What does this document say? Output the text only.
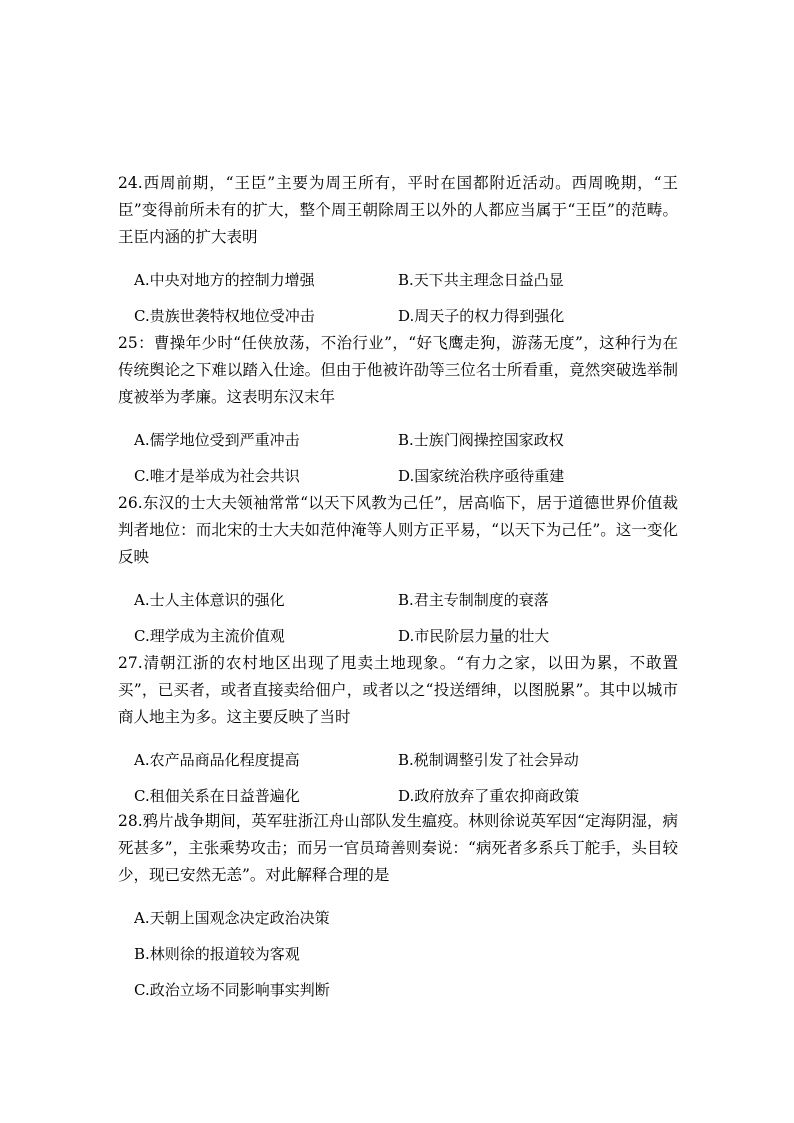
24.西周前期，“王臣”主要为周王所有，平时在国都附近活动。西周晚期，“王臣”变得前所未有的扩大，整个周王朝除周王以外的人都应当属于“王臣”的范畴。王臣内涵的扩大表明

A.中央对地方的控制力增强	B.天下共主理念日益凸显
C.贵族世袭特权地位受冲击	D.周天子的权力得到强化

25：曹操年少时“任侠放荡，不治行业”，“好飞鹰走狗，游荡无度”，这种行为在传统舆论之下难以踏入仕途。但由于他被许劭等三位名士所看重，竟然突破选举制度被举为孝廉。这表明东汉末年

A.儒学地位受到严重冲击	B.士族门阀操控国家政权
C.唯才是举成为社会共识	D.国家统治秩序亟待重建

26.东汉的士大夫领袖常常“以天下风教为己任”，居高临下，居于道德世界价值裁判者地位：而北宋的士大夫如范仲淹等人则方正平易，“以天下为己任”。这一变化反映

A.士人主体意识的强化	B.君主专制制度的衰落
C.理学成为主流价值观	D.市民阶层力量的壮大

27.清朝江浙的农村地区出现了甩卖土地现象。“有力之家，以田为累，不敢置买”，已买者，或者直接卖给佃户，或者以之“投送缙绅，以图脱累”。其中以城市商人地主为多。这主要反映了当时

A.农产品商品化程度提高	B.税制调整引发了社会异动
C.租佃关系在日益普遍化	D.政府放弃了重农抑商政策

28.鸦片战争期间，英军驻浙江舟山部队发生瘟疫。林则徐说英军因“定海阴湿，病死甚多”，主张乘势攻击；而另一官员琦善则奏说：“病死者多系兵丁舵手，头目较少，现已安然无恙”。对此解释合理的是

A.天朝上国观念决定政治决策
B.林则徐的报道较为客观
C.政治立场不同影响事实判断
